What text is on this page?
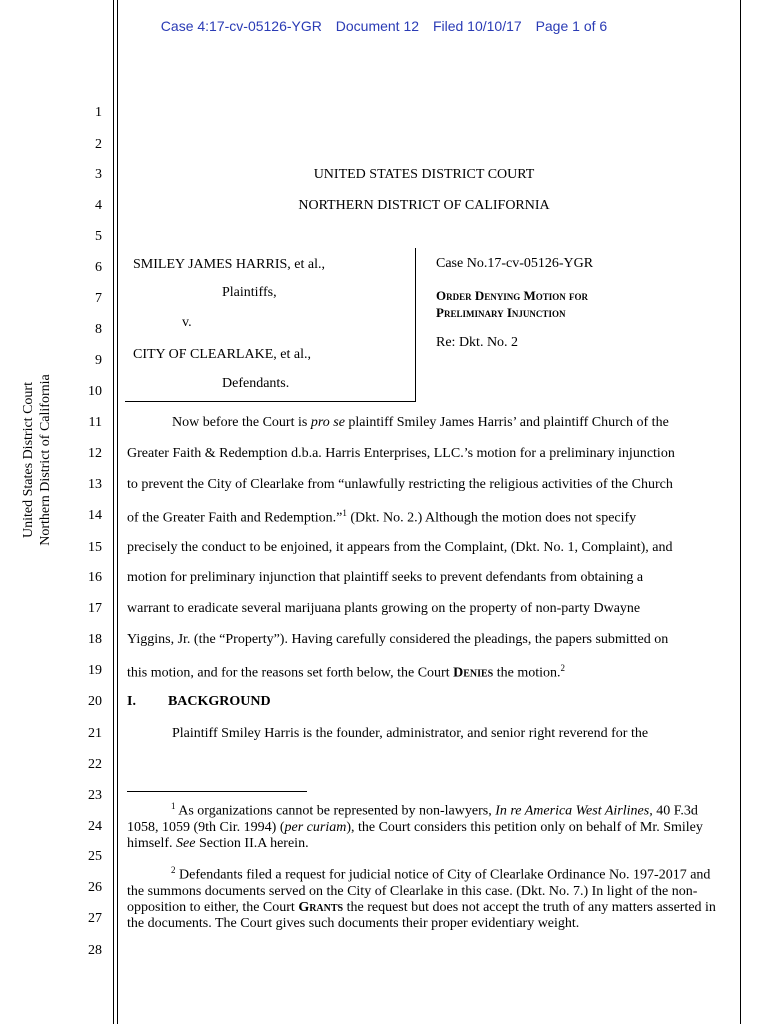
Case 4:17-cv-05126-YGR Document 12 Filed 10/10/17 Page 1 of 6
United States District Court Northern District of California
1
2
3
4
5
6
7
8
9
10
11
12
13
14
15
16
17
18
19
20
21
22
23
24
25
26
27
28
UNITED STATES DISTRICT COURT
NORTHERN DISTRICT OF CALIFORNIA
SMILEY JAMES HARRIS, et al.,
Plaintiffs,
v.
CITY OF CLEARLAKE, et al.,
Defendants.
Case No.17-cv-05126-YGR
Order Denying Motion for
Preliminary Injunction
Re: Dkt. No. 2
Now before the Court is pro se plaintiff Smiley James Harris’ and plaintiff Church of the
Greater Faith & Redemption d.b.a. Harris Enterprises, LLC.’s motion for a preliminary injunction
to prevent the City of Clearlake from “unlawfully restricting the religious activities of the Church
of the Greater Faith and Redemption.”$^1$ (Dkt. No. 2.) Although the motion does not specify
precisely the conduct to be enjoined, it appears from the Complaint, (Dkt. No. 1, Complaint), and
motion for preliminary injunction that plaintiff seeks to prevent defendants from obtaining a
warrant to eradicate several marijuana plants growing on the property of non-party Dwayne
Yiggins, Jr. (the “Property”). Having carefully considered the pleadings, the papers submitted on
this motion, and for the reasons set forth below, the Court Denies the motion.$^2$
I. BACKGROUND
Plaintiff Smiley Harris is the founder, administrator, and senior right reverend for the
$^1$ As organizations cannot be represented by non-lawyers, In re America West Airlines, 40 F.3d 1058, 1059 (9th Cir. 1994) (per curiam), the Court considers this petition only on behalf of Mr. Smiley himself. See Section II.A herein.
$^2$ Defendants filed a request for judicial notice of City of Clearlake Ordinance No. 197-2017 and the summons documents served on the City of Clearlake in this case. (Dkt. No. 7.) In light of the non-opposition to either, the Court Grants the request but does not accept the truth of any matters asserted in the documents. The Court gives such documents their proper evidentiary weight.
